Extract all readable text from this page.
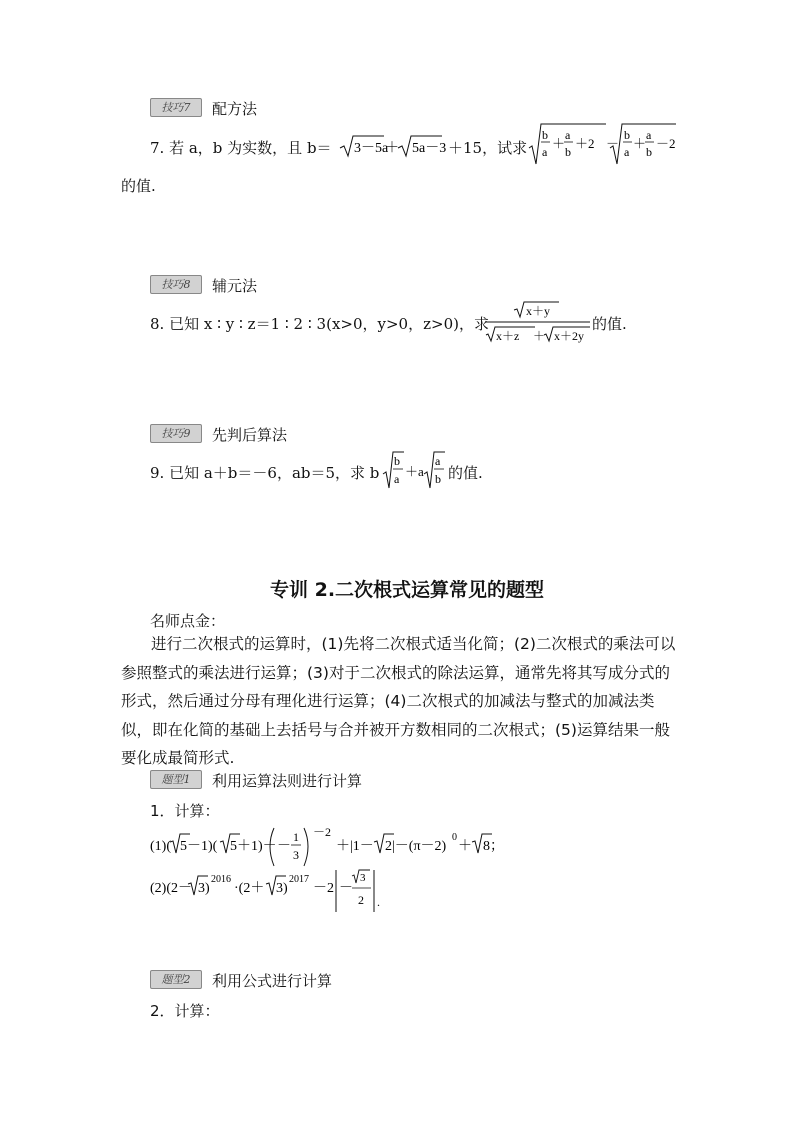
技巧7	配方法
7. 若 a，b 为实数，且 b＝ 3－5a
＋ 5a－3 ＋15，试求
b
a
＋
a
b
＋2 －
b
a
＋
a
b
－2
的值.
技巧8	辅元法
8. 已知 x ∶ y ∶ z＝1 ∶ 2 ∶ 3(x>0，y>0，z>0)，求
x＋y
x＋z ＋ x＋2y
的值.
技巧9	先判后算法
9. 已知 a＋b＝－6，ab＝5，求 b
b
a ＋a
a
b 的值.
专训 2.二次根式运算常见的题型
名师点金：
进行二次根式的运算时，(1)先将二次根式适当化简；(2)二次根式的乘法可以参照整式的乘法进行运算；(3)对于二次根式的除法运算，通常先将其写成分式的形式，然后通过分母有理化进行运算；(4)二次根式的加减法与整式的加减法类似，即在化简的基础上去括号与合并被开方数相同的二次根式；(5)运算结果一般要化成最简形式.
题型1	利用运算法则进行计算
1．计算：
(1)( 5－1)( 5＋1)－ －
1
3
－2
＋|1－ 2|－(π－2)
0
＋ 8；
(2)(2－ 3)
2016
·(2＋ 3)
2017
－2 －
3
2 .
题型2	利用公式进行计算
2．计算：
